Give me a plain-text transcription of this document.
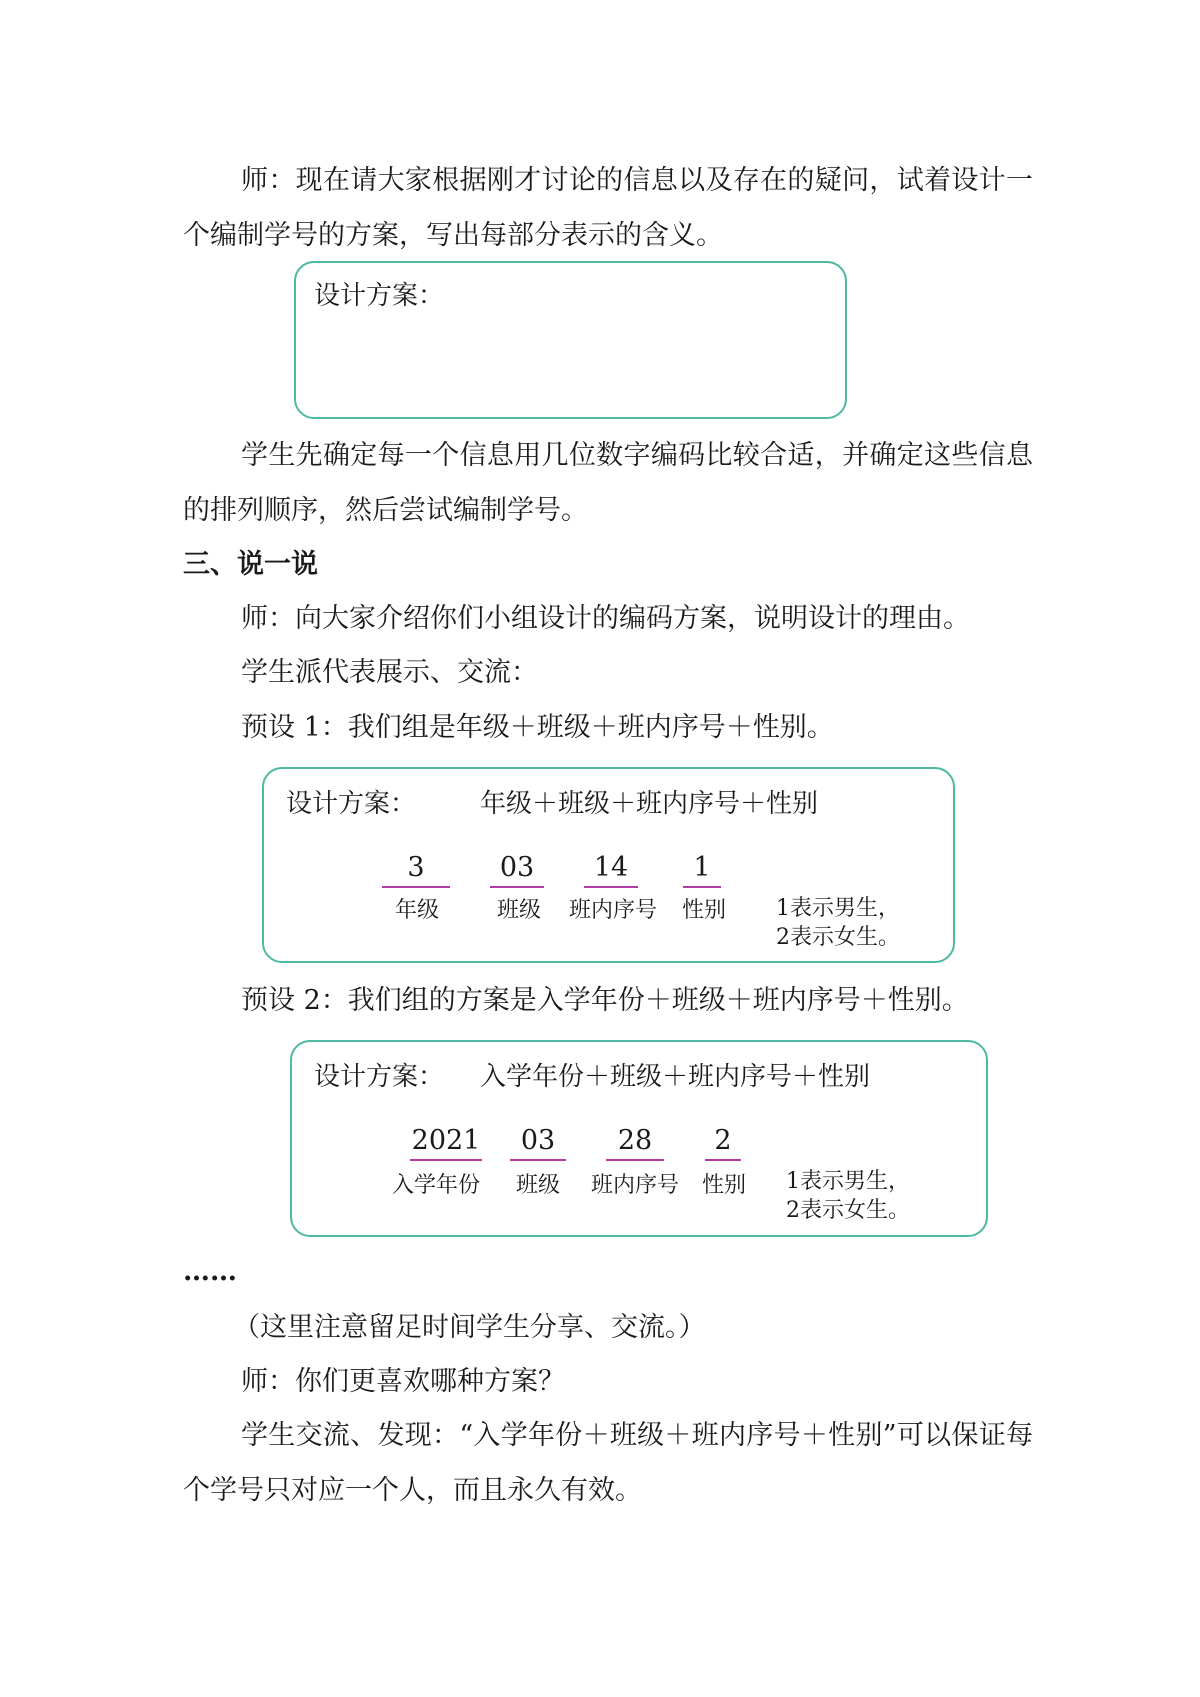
师：现在请大家根据刚才讨论的信息以及存在的疑问，试着设计一个编制学号的方案，写出每部分表示的含义。

设计方案：

学生先确定每一个信息用几位数字编码比较合适，并确定这些信息的排列顺序，然后尝试编制学号。

三、说一说

师：向大家介绍你们小组设计的编码方案，说明设计的理由。

学生派代表展示、交流：

预设 1：我们组是年级＋班级＋班内序号＋性别。

设计方案： 年级＋班级＋班内序号＋性别
3	03	14	1
年级	班级	班内序号	性别	1表示男生，
2表示女生。

预设 2：我们组的方案是入学年份＋班级＋班内序号＋性别。

设计方案： 入学年份＋班级＋班内序号＋性别
2021	03	28	2
入学年份	班级	班内序号	性别	1表示男生，
2表示女生。

……

（这里注意留足时间学生分享、交流。）

师：你们更喜欢哪种方案？

学生交流、发现：“入学年份＋班级＋班内序号＋性别”可以保证每个学号只对应一个人，而且永久有效。
